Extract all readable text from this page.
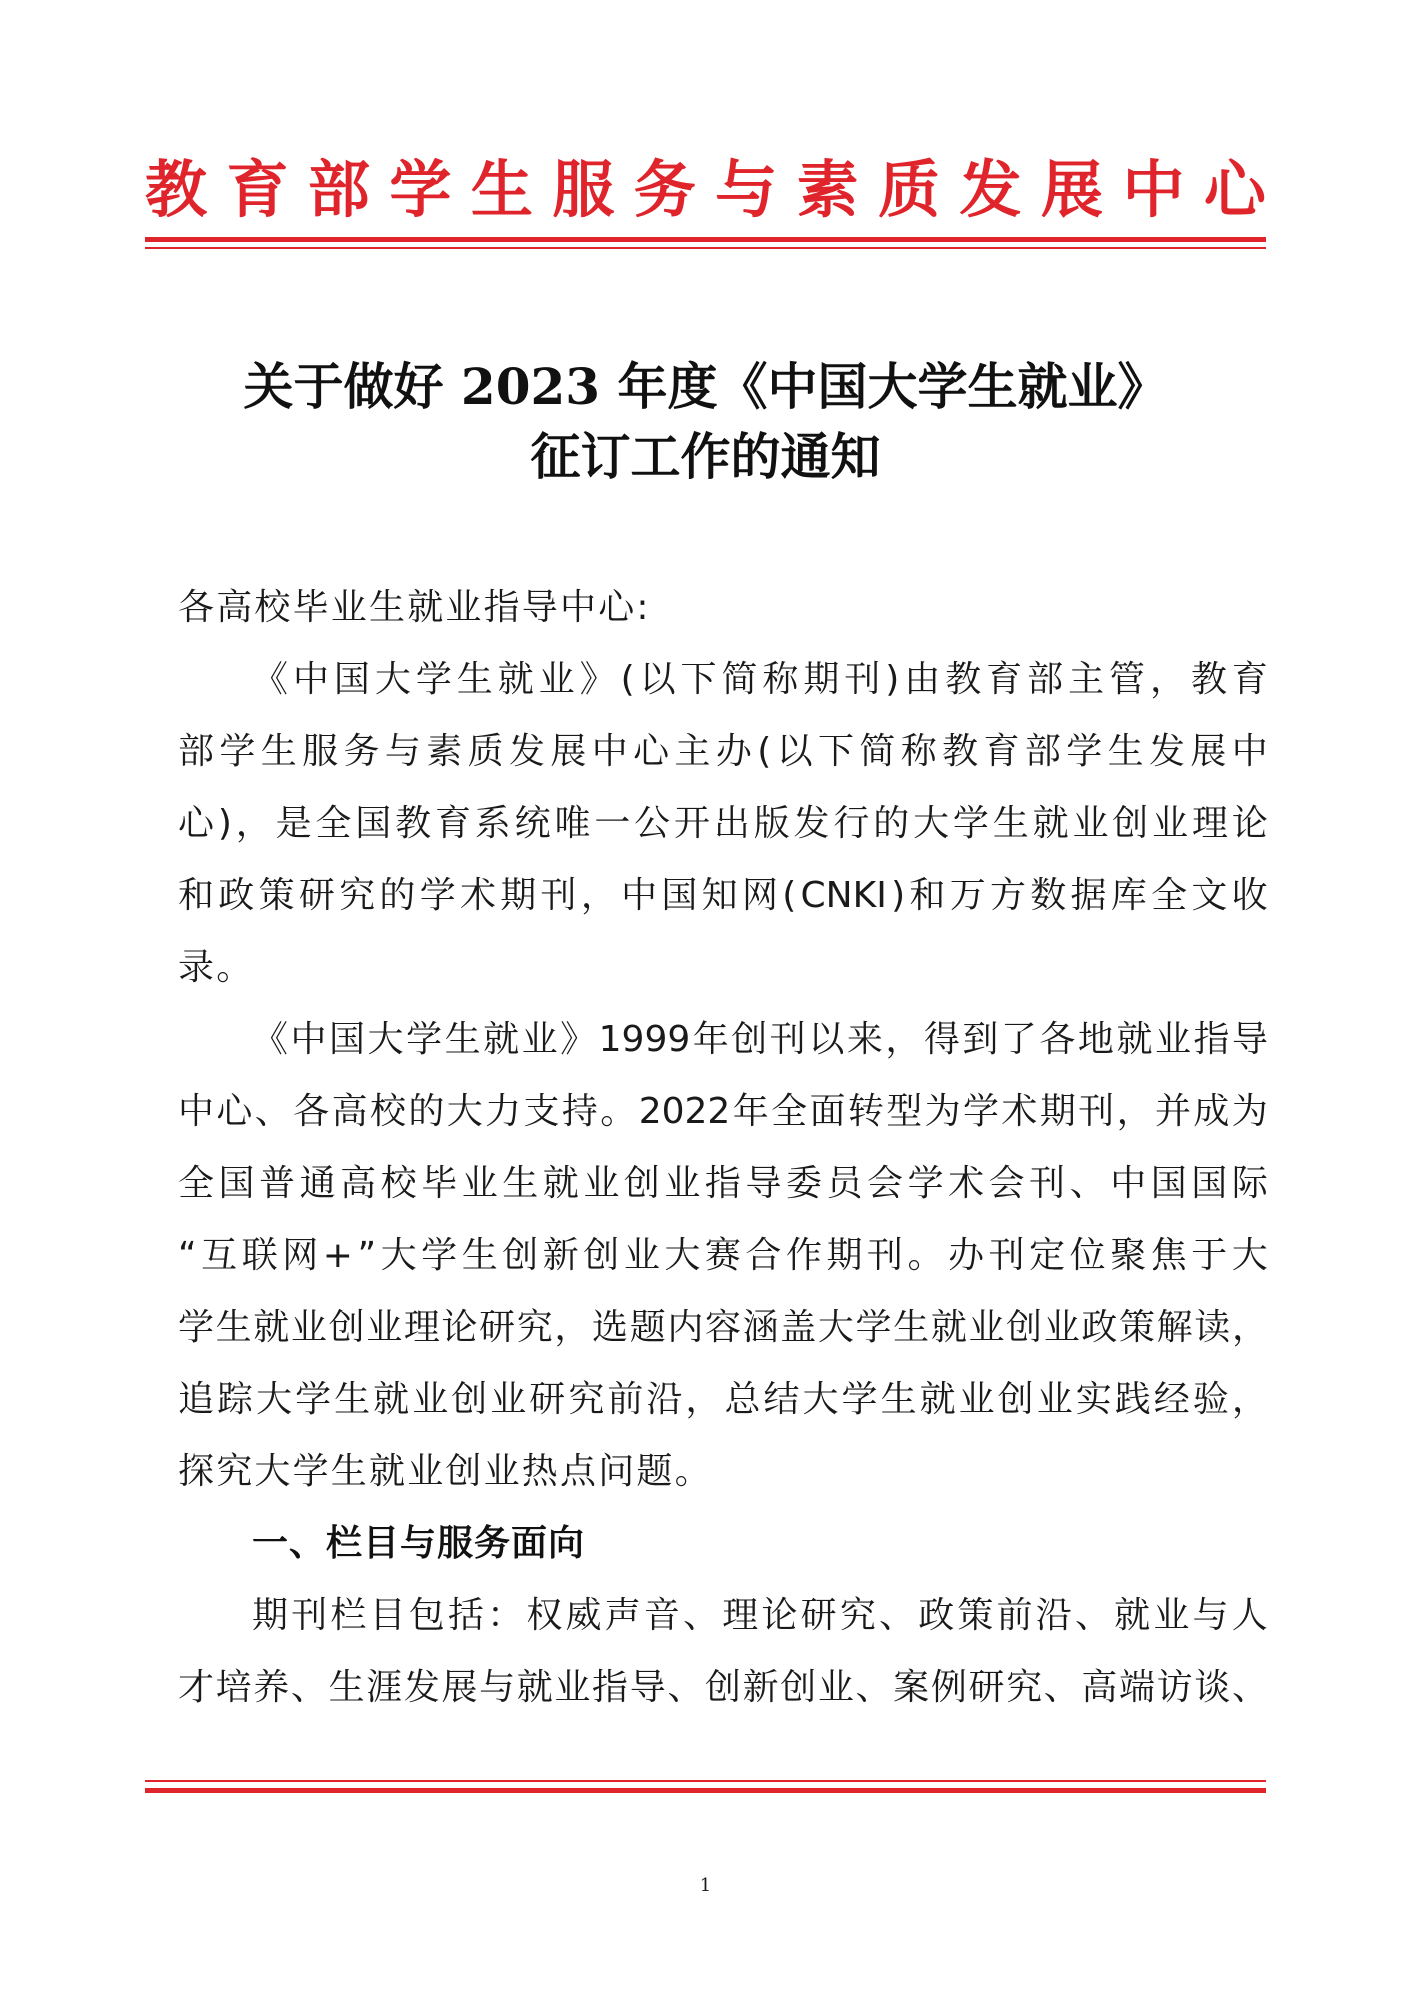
教 育 部 学 生 服 务 与 素 质 发 展 中 心
关于做好 2023 年度《中国大学生就业》
征订工作的通知
各高校毕业生就业指导中心:
《 中 国 大 学 生 就 业 》 ( 以 下 简 称 期 刊 ) 由 教 育 部 主 管 ， 教 育
部 学 生 服 务 与 素 质 发 展 中 心 主 办 ( 以 下 简 称 教 育 部 学 生 发 展 中
心 ) ， 是 全 国 教 育 系 统 唯 一 公 开 出 版 发 行 的 大 学 生 就 业 创 业 理 论
和 政 策 研 究 的 学 术 期 刊 ， 中 国 知 网 ( CNKI ) 和 万 方 数 据 库 全 文 收
录。
《 中 国 大 学 生 就 业 》 1999 年 创 刊 以 来 ， 得 到 了 各 地 就 业 指 导
中 心 、 各 高 校 的 大 力 支 持 。 2022 年 全 面 转 型 为 学 术 期 刊 ， 并 成 为
全 国 普 通 高 校 毕 业 生 就 业 创 业 指 导 委 员 会 学 术 会 刊 、 中 国 国 际
“ 互 联 网 + ” 大 学 生 创 新 创 业 大 赛 合 作 期 刊 。 办 刊 定 位 聚 焦 于 大
学 生 就 业 创 业 理 论 研 究 ， 选 题 内 容 涵 盖 大 学 生 就 业 创 业 政 策 解 读 ，
追 踪 大 学 生 就 业 创 业 研 究 前 沿 ， 总 结 大 学 生 就 业 创 业 实 践 经 验 ，
探究大学生就业创业热点问题。
一、栏目与服务面向
期 刊 栏 目 包 括 ： 权 威 声 音 、 理 论 研 究 、 政 策 前 沿 、 就 业 与 人
才 培 养 、 生 涯 发 展 与 就 业 指 导 、 创 新 创 业 、 案 例 研 究 、 高 端 访 谈 、
1
